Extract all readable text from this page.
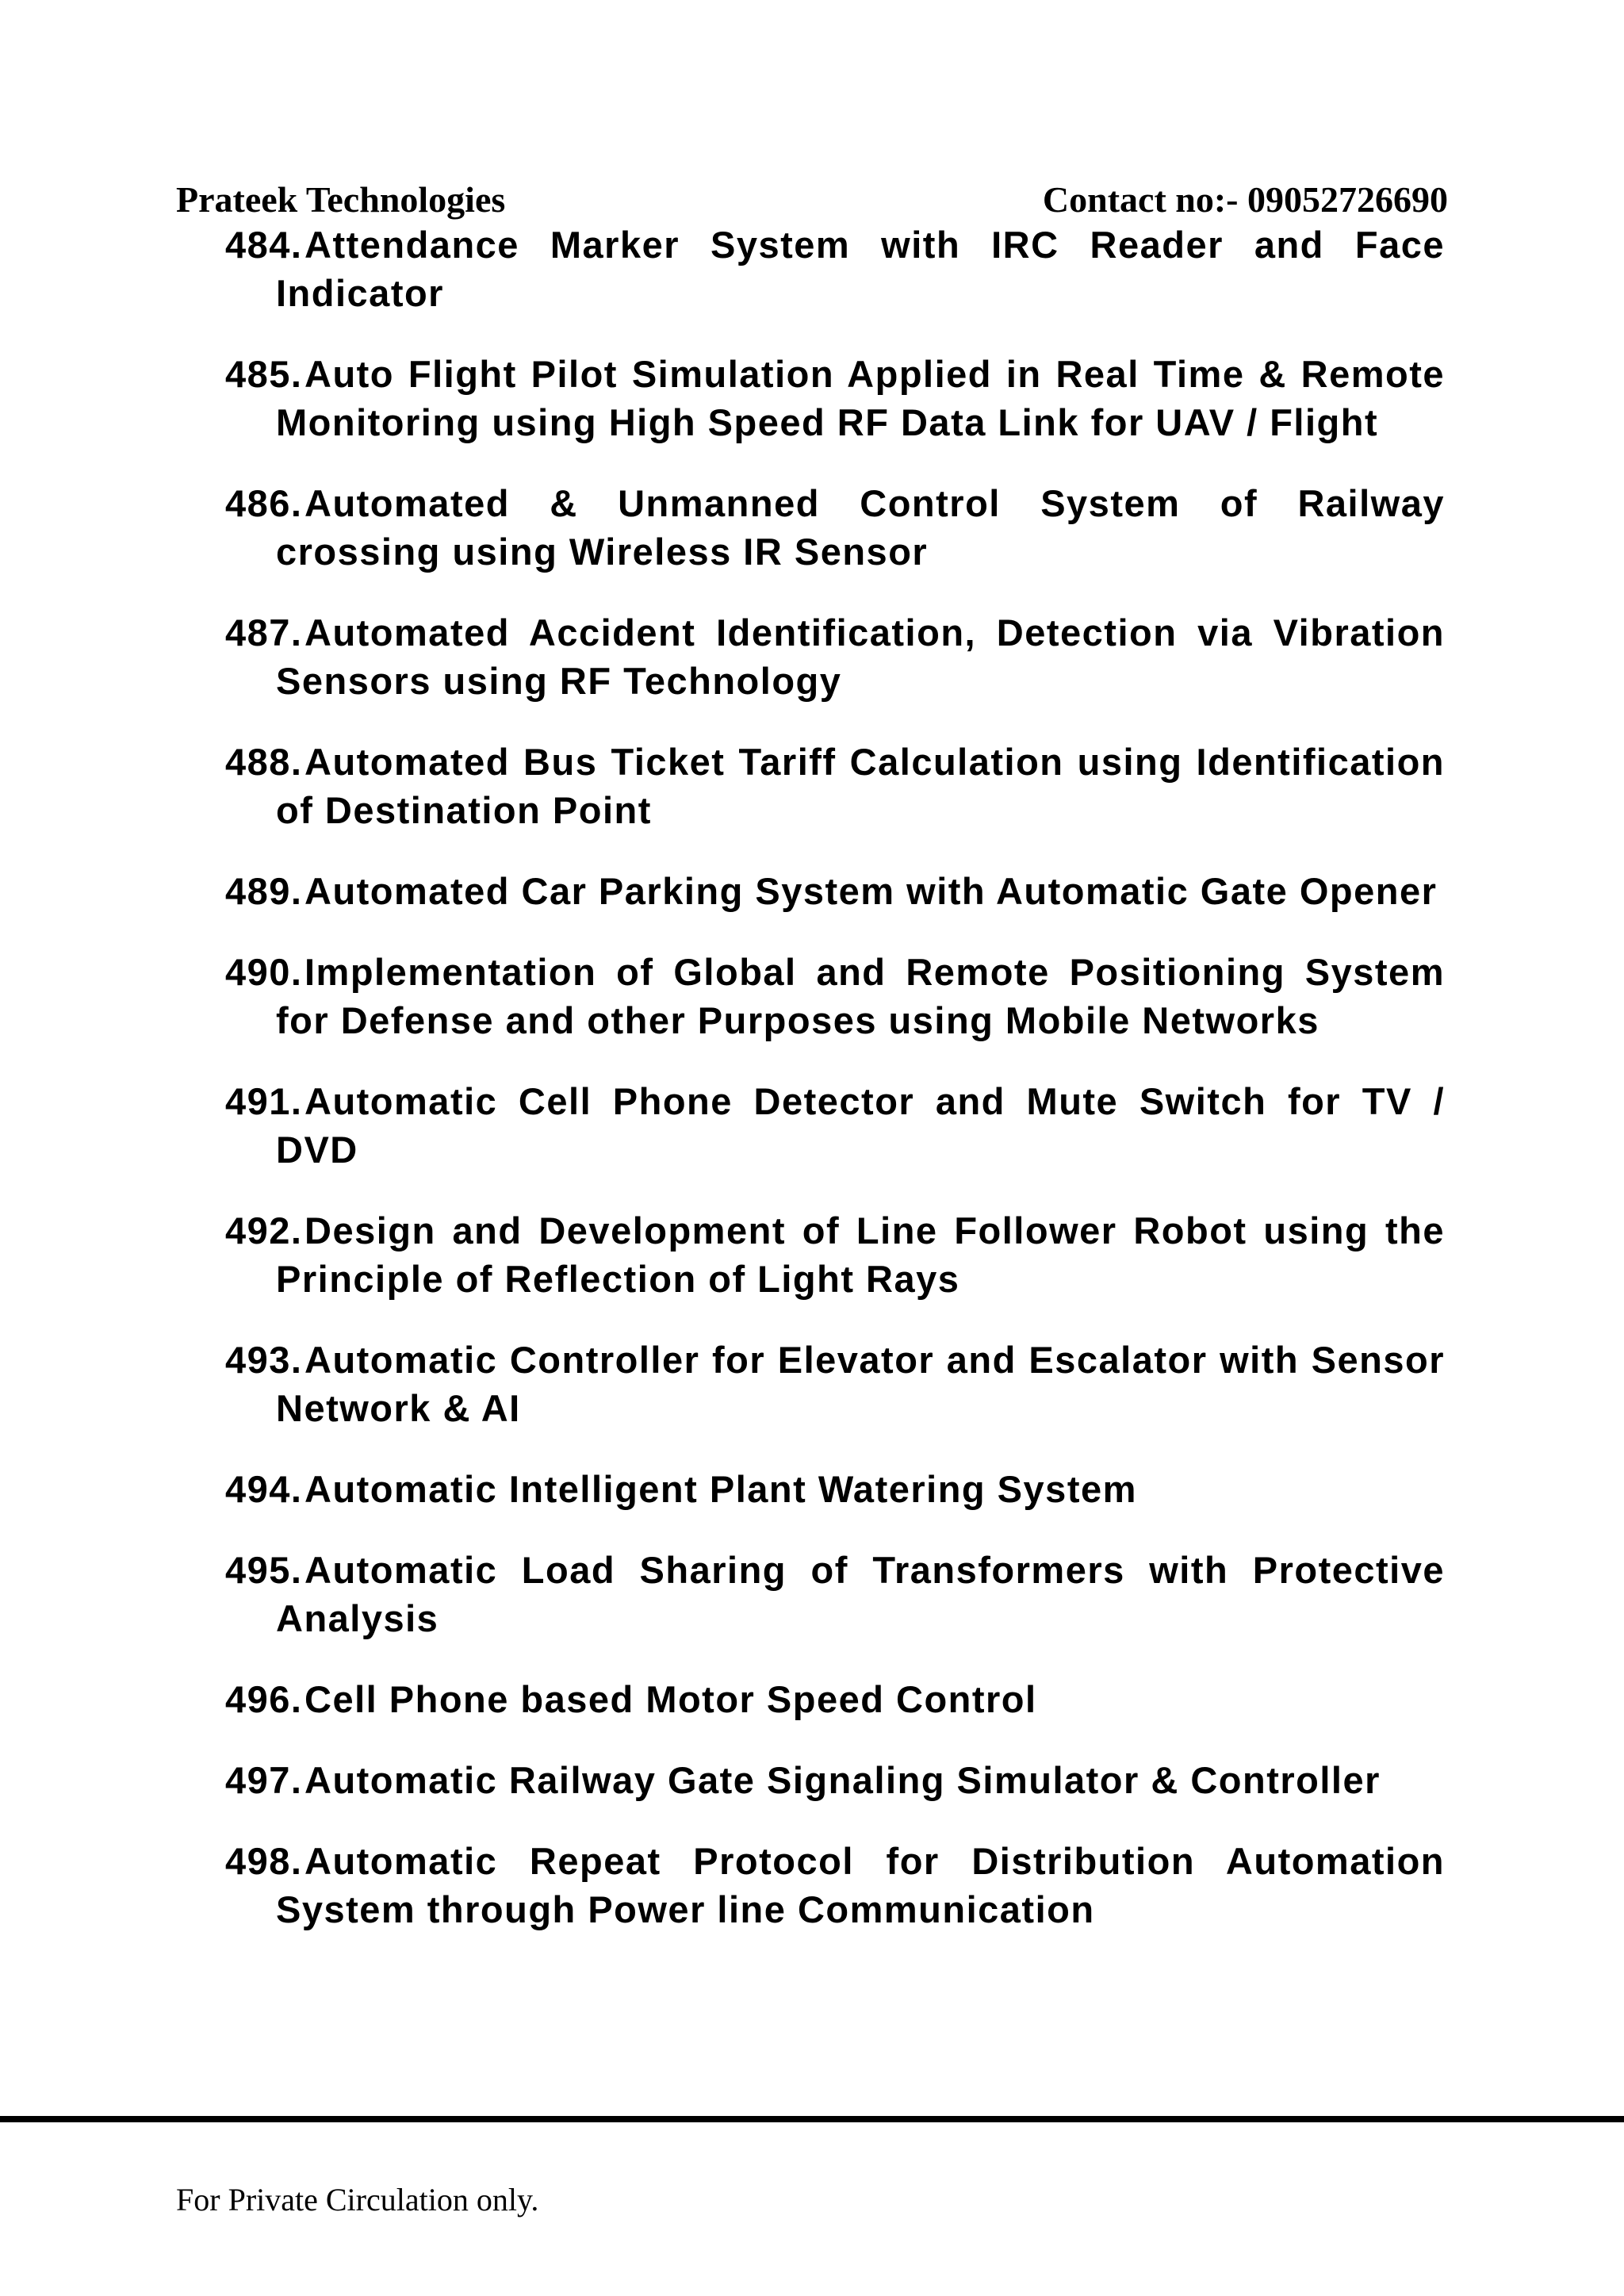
Prateek Technologies	Contact no:- 09052726690
484. Attendance Marker System with IRC Reader and Face Indicator

485. Auto Flight Pilot Simulation Applied in Real Time & Remote Monitoring using High Speed RF Data Link for UAV / Flight

486. Automated & Unmanned Control System of Railway crossing using Wireless IR Sensor

487. Automated Accident Identification, Detection via Vibration Sensors using RF Technology

488. Automated Bus Ticket Tariff Calculation using Identification of Destination Point

489. Automated Car Parking System with Automatic Gate Opener

490. Implementation of Global and Remote Positioning System for Defense and other Purposes using Mobile Networks

491. Automatic Cell Phone Detector and Mute Switch for TV / DVD

492. Design and Development of Line Follower Robot using the Principle of Reflection of Light Rays

493. Automatic Controller for Elevator and Escalator with Sensor Network & AI

494. Automatic Intelligent Plant Watering System

495. Automatic Load Sharing of Transformers with Protective Analysis

496. Cell Phone based Motor Speed Control

497. Automatic Railway Gate Signaling Simulator & Controller

498. Automatic Repeat Protocol for Distribution Automation System through Power line Communication

For Private Circulation only.
